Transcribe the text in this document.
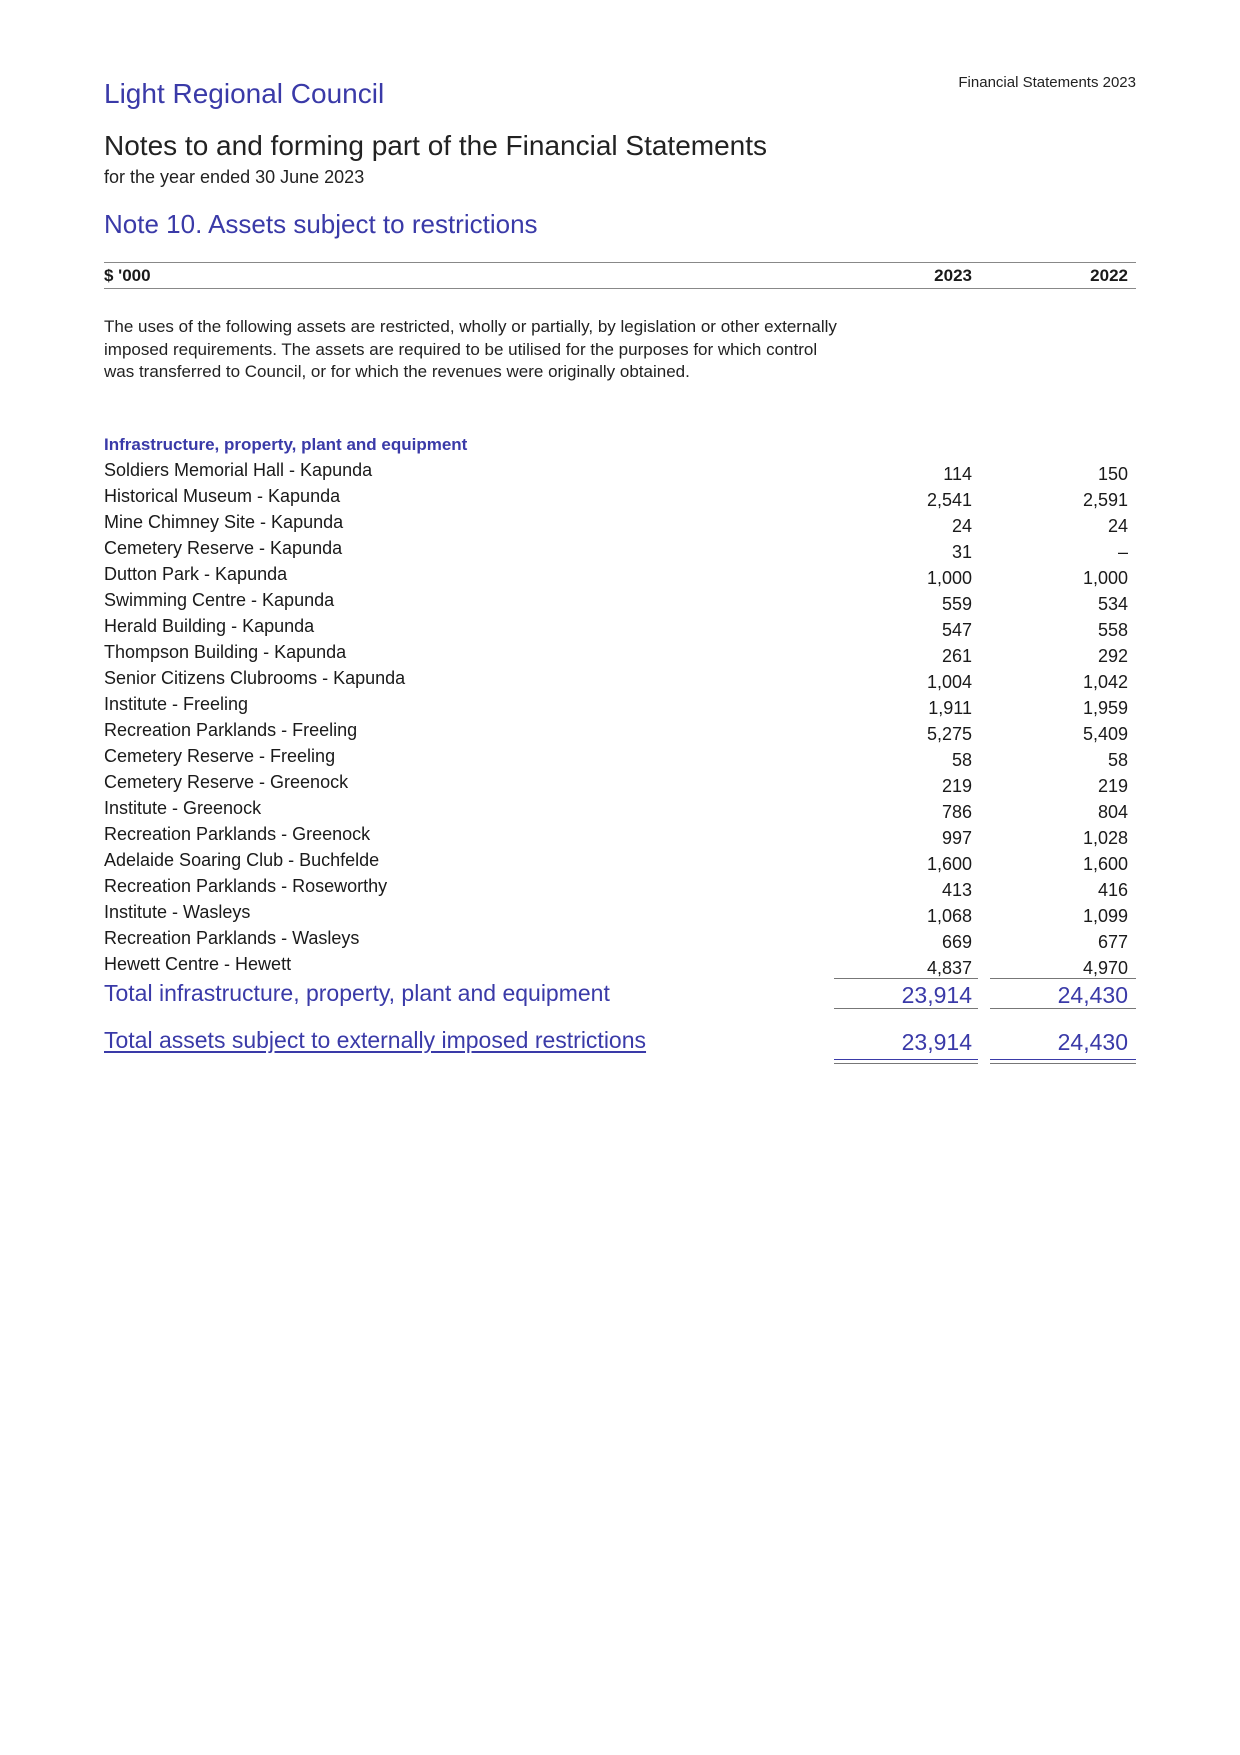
Light Regional Council	Financial Statements 2023
Notes to and forming part of the Financial Statements
for the year ended 30 June 2023
Note 10. Assets subject to restrictions
$ '000	2023	2022
The uses of the following assets are restricted, wholly or partially, by legislation or other externally imposed requirements. The assets are required to be utilised for the purposes for which control was transferred to Council, or for which the revenues were originally obtained.
Infrastructure, property, plant and equipment
Soldiers Memorial Hall - Kapunda	114	150
Historical Museum - Kapunda	2,541	2,591
Mine Chimney Site - Kapunda	24	24
Cemetery Reserve - Kapunda	31	–
Dutton Park - Kapunda	1,000	1,000
Swimming Centre - Kapunda	559	534
Herald Building - Kapunda	547	558
Thompson Building - Kapunda	261	292
Senior Citizens Clubrooms - Kapunda	1,004	1,042
Institute - Freeling	1,911	1,959
Recreation Parklands - Freeling	5,275	5,409
Cemetery Reserve - Freeling	58	58
Cemetery Reserve - Greenock	219	219
Institute - Greenock	786	804
Recreation Parklands - Greenock	997	1,028
Adelaide Soaring Club - Buchfelde	1,600	1,600
Recreation Parklands - Roseworthy	413	416
Institute - Wasleys	1,068	1,099
Recreation Parklands - Wasleys	669	677
Hewett Centre - Hewett	4,837	4,970
Total infrastructure, property, plant and equipment	23,914	24,430
Total assets subject to externally imposed restrictions	23,914	24,430
